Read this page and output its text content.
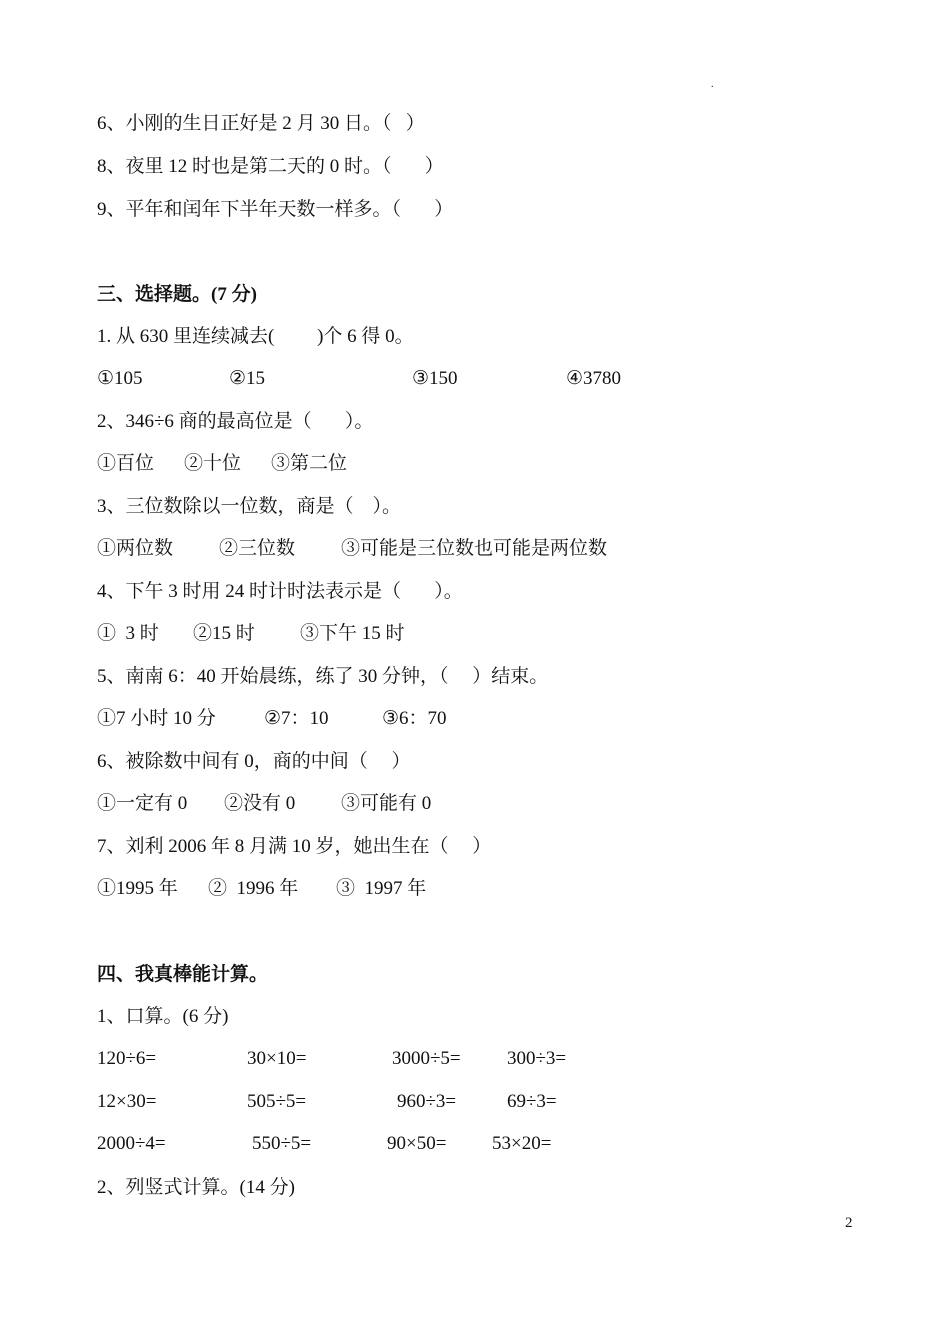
.
6、小刚的生日正好是 2 月 30 日。（   ）
8、夜里 12 时也是第二天的 0 时。（       ）
9、平年和闰年下半年天数一样多。（       ）
三、选择题。(7 分)
1. 从 630 里连续减去(         )个 6 得 0。
①105	②15	③150	④3780
2、346÷6 商的最高位是（       ）。
①百位 ②十位 ③第二位
3、三位数除以一位数，商是（    ）。
①两位数 ②三位数 ③可能是三位数也可能是两位数
4、下午 3 时用 24 时计时法表示是（       ）。
①  3 时 ②15 时 ③下午 15 时
5、南南 6：40 开始晨练，练了 30 分钟，（     ）结束。
①7 小时 10 分	②7：10	③6：70
6、被除数中间有 0，商的中间（     ）
①一定有 0 ②没有 0 ③可能有 0
7、刘利 2006 年 8 月满 10 岁，她出生在（     ）
①1995 年 ②  1996 年 ③  1997 年
四、我真棒能计算。
1、口算。(6 分)
120÷6=	30×10=	3000÷5= 300÷3=
12×30=	505÷5=	960÷3=	69÷3=
2000÷4=	550÷5=	90×50= 53×20=
2、列竖式计算。(14 分)
2
